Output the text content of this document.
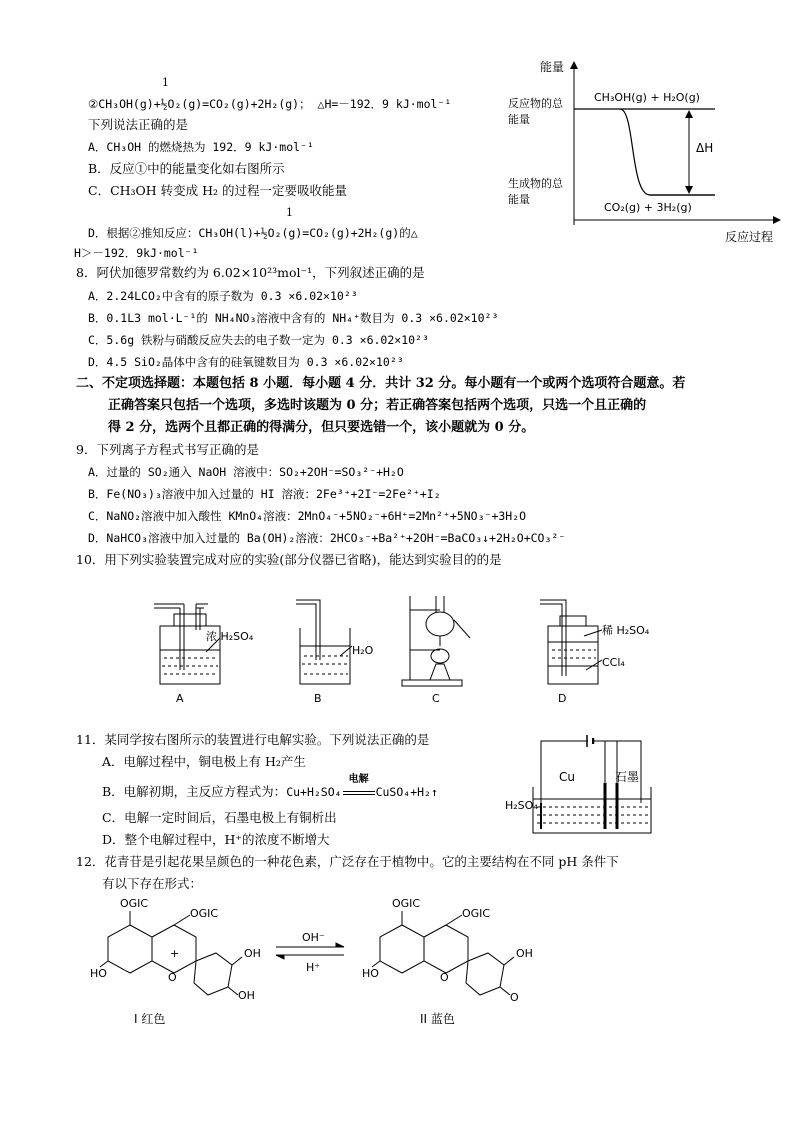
1
②CH₃OH(g)+½O₂(g)=CO₂(g)+2H₂(g)； △H=－192．9 kJ·mol⁻¹
下列说法正确的是
A．CH₃OH 的燃烧热为 192．9 kJ·mol⁻¹
B．反应①中的能量变化如右图所示
C．CH₃OH 转变成 H₂ 的过程一定要吸收能量
1
D．根据②推知反应：CH₃OH(l)+½O₂(g)=CO₂(g)+2H₂(g)的△
H＞－192．9kJ·mol⁻¹
能量
反应过程
反应物的总
能量
生成物的总
能量
CH₃OH(g) + H₂O(g)
CO₂(g) + 3H₂(g)
ΔH
8．阿伏加德罗常数约为 6.02×10²³mol⁻¹，下列叙述正确的是
A．2.24LCO₂中含有的原子数为 0.3 ×6.02×10²³
B．0.1L3 mol·L⁻¹的 NH₄NO₃溶液中含有的 NH₄⁺数目为 0.3 ×6.02×10²³
C．5.6g 铁粉与硝酸反应失去的电子数一定为 0.3 ×6.02×10²³
D．4.5 SiO₂晶体中含有的硅氧键数目为 0.3 ×6.02×10²³
二、不定项选择题：本题包括 8 小题．每小题 4 分．共计 32 分。每小题有一个或两个选项符合题意。若
正确答案只包括一个选项，多选时该题为 0 分；若正确答案包括两个选项，只选一个且正确的
得 2 分，选两个且都正确的得满分，但只要选错一个，该小题就为 0 分。
9．下列离子方程式书写正确的是
A．过量的 SO₂通入 NaOH 溶液中：SO₂+2OH⁻=SO₃²⁻+H₂O
B．Fe(NO₃)₃溶液中加入过量的 HI 溶液：2Fe³⁺+2I⁻=2Fe²⁺+I₂
C．NaNO₂溶液中加入酸性 KMnO₄溶液：2MnO₄⁻+5NO₂⁻+6H⁺=2Mn²⁺+5NO₃⁻+3H₂O
D．NaHCO₃溶液中加入过量的 Ba(OH)₂溶液：2HCO₃⁻+Ba²⁺+2OH⁻=BaCO₃↓+2H₂O+CO₃²⁻
10．用下列实验装置完成对应的实验(部分仪器已省略)，能达到实验目的的是
浓 H₂SO₄
A
H₂O
B	C
稀 H₂SO₄
CCl₄
D
11．某同学按右图所示的装置进行电解实验。下列说法正确的是
A．电解过程中，铜电极上有 H₂产生
B．电解初期，主反应方程式为：Cu+H₂SO₄
电解
CuSO₄+H₂↑
C．电解一定时间后，石墨电极上有铜析出
D．整个电解过程中，H⁺的浓度不断增大
Cu	石墨
H₂SO₄
12．花青苷是引起花果呈颜色的一种花色素，广泛存在于植物中。它的主要结构在不同 pH 条件下
有以下存在形式：
OGIC
OGIC
HO	O
+	OH
OH
I 红色
OH⁻
H⁺
OGIC
OGIC
HO	O
OH
O
II 蓝色
